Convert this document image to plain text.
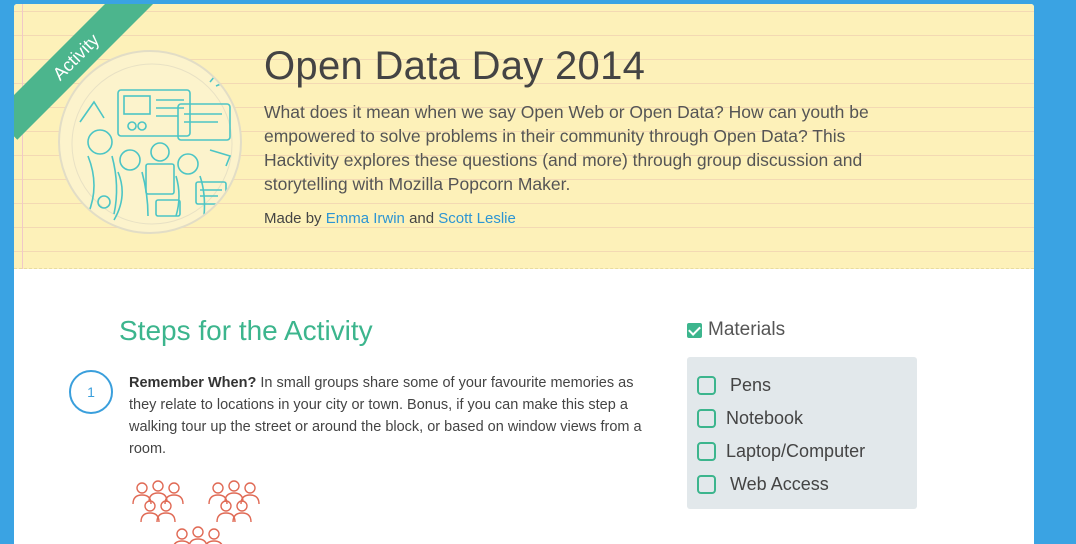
Activity	Open Data Day 2014

What does it mean when we say Open Web or Open Data? How can youth be empowered to solve problems in their community through Open Data? This Hacktivity explores these questions (and more) through group discussion and storytelling with Mozilla Popcorn Maker.

Made by Emma Irwin and Scott Leslie

Steps for the Activity
1

Remember When? In small groups share some of your favourite memories as they relate to locations in your city or town. Bonus, if you can make this step a walking tour up the street or around the block, or based on window views from a room.

Materials
Pens
Notebook
Laptop/Computer
Web Access
